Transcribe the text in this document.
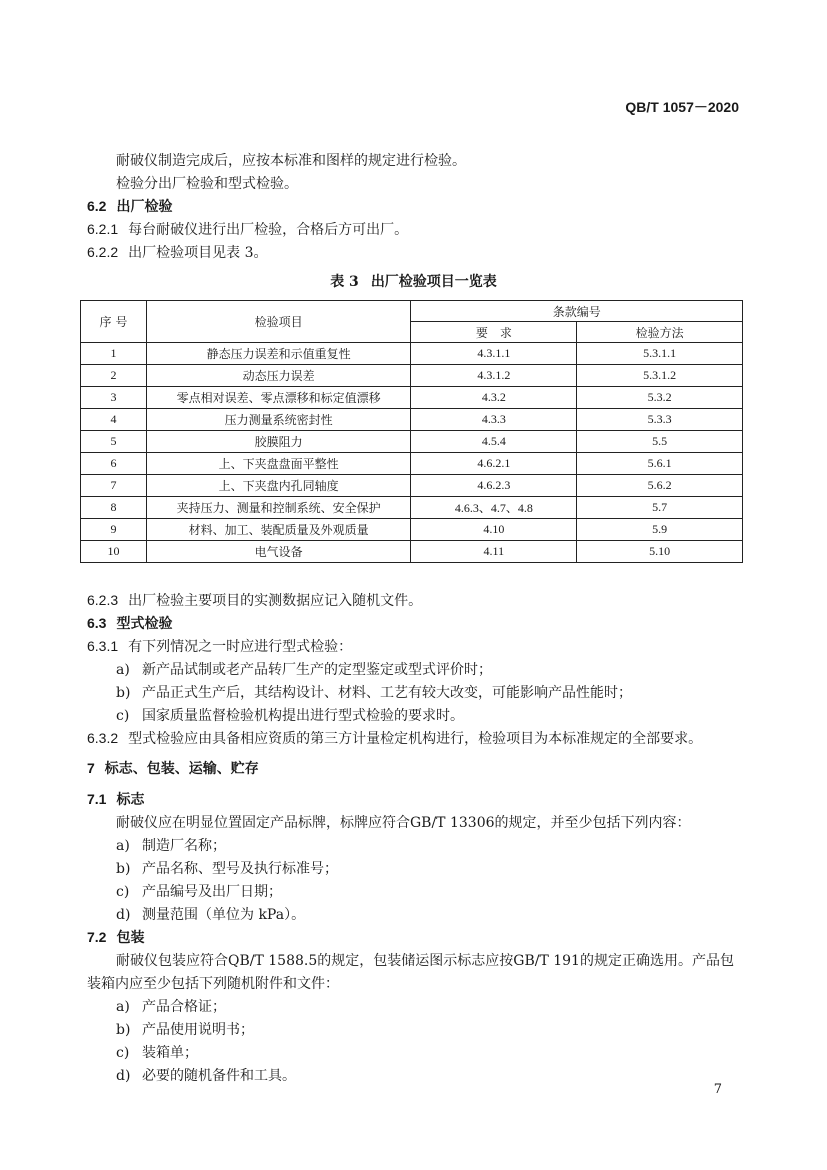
QB/T 1057－2020
耐破仪制造完成后，应按本标准和图样的规定进行检验。
检验分出厂检验和型式检验。
6.2 出厂检验
6.2.1 每台耐破仪进行出厂检验，合格后方可出厂。
6.2.2 出厂检验项目见表 3。
表 3 出厂检验项目一览表
序 号	检验项目	条款编号	
		要　求	检验方法
1	静态压力误差和示值重复性	4.3.1.1	5.3.1.1
2	动态压力误差	4.3.1.2	5.3.1.2
3	零点相对误差、零点漂移和标定值漂移	4.3.2	5.3.2
4	压力测量系统密封性	4.3.3	5.3.3
5	胶膜阻力	4.5.4	5.5
6	上、下夹盘盘面平整性	4.6.2.1	5.6.1
7	上、下夹盘内孔同轴度	4.6.2.3	5.6.2
8	夹持压力、测量和控制系统、安全保护	4.6.3、4.7、4.8	5.7
9	材料、加工、装配质量及外观质量	4.10	5.9
10	电气设备	4.11	5.10
6.2.3 出厂检验主要项目的实测数据应记入随机文件。
6.3 型式检验
6.3.1 有下列情况之一时应进行型式检验：
a) 新产品试制或老产品转厂生产的定型鉴定或型式评价时；
b) 产品正式生产后，其结构设计、材料、工艺有较大改变，可能影响产品性能时；
c) 国家质量监督检验机构提出进行型式检验的要求时。
6.3.2 型式检验应由具备相应资质的第三方计量检定机构进行，检验项目为本标准规定的全部要求。
7 标志、包装、运输、贮存
7.1 标志
耐破仪应在明显位置固定产品标牌，标牌应符合GB/T 13306的规定，并至少包括下列内容：
a) 制造厂名称；
b) 产品名称、型号及执行标准号；
c) 产品编号及出厂日期；
d) 测量范围（单位为 kPa）。
7.2 包装
耐破仪包装应符合QB/T 1588.5的规定，包装储运图示标志应按GB/T 191的规定正确选用。产品包
装箱内应至少包括下列随机附件和文件：
a) 产品合格证；
b) 产品使用说明书；
c) 装箱单；
d) 必要的随机备件和工具。
7
